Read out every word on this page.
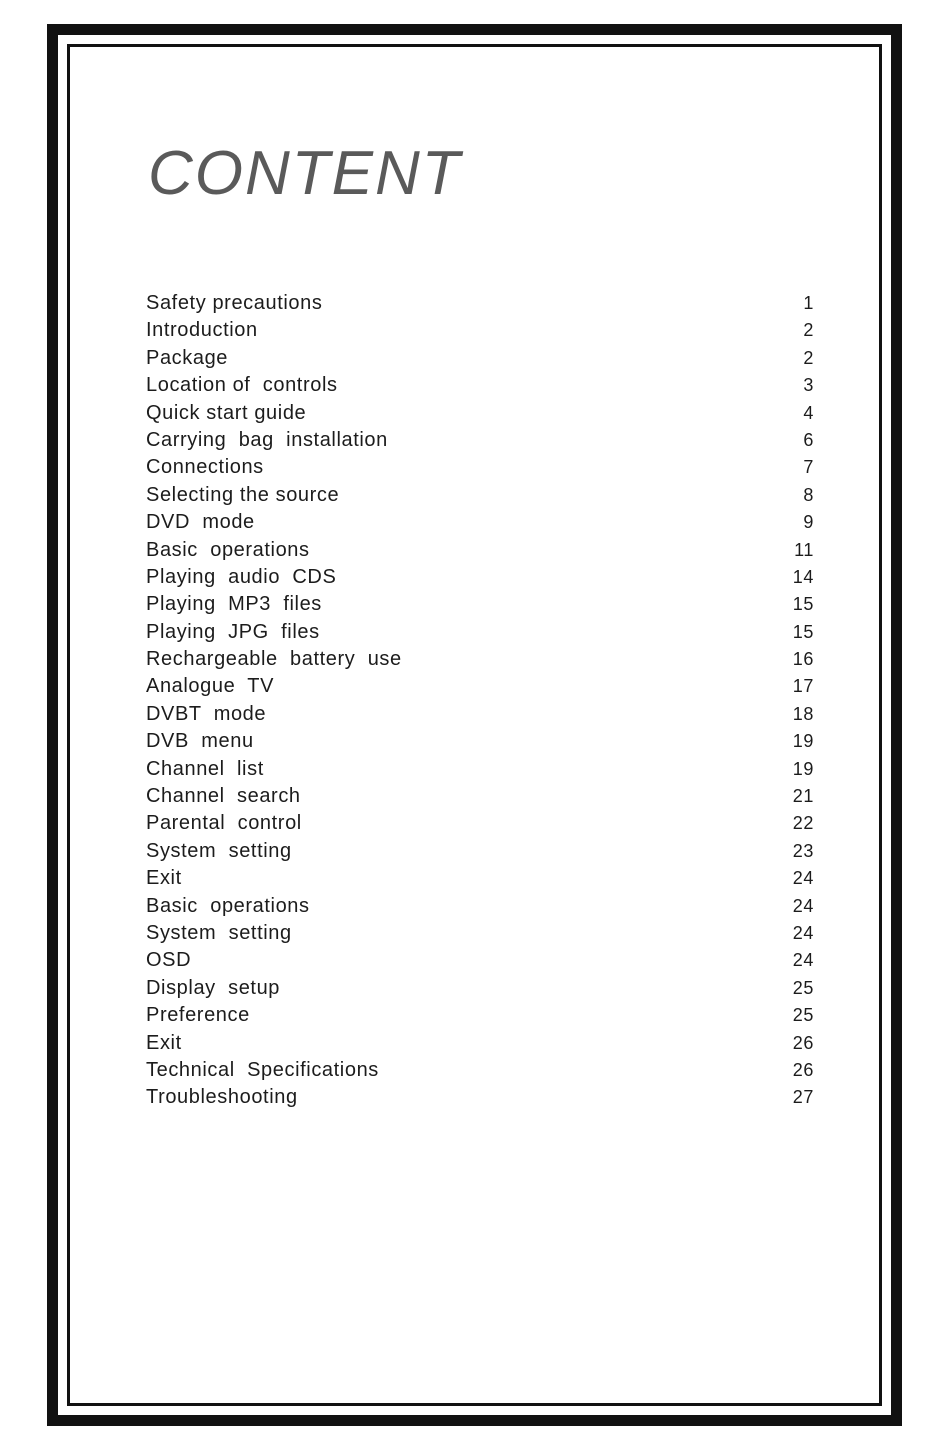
CONTENT
Safety precautions	1
Introduction	2
Package	2
Location of  controls	3
Quick start guide	4
Carrying  bag  installation	6
Connections	7
Selecting the source	8
DVD  mode	9
Basic  operations	11
Playing  audio  CDS	14
Playing  MP3  files	15
Playing  JPG  files	15
Rechargeable  battery  use	16
Analogue  TV	17
DVBT  mode	18
DVB  menu	19
Channel  list	19
Channel  search	21
Parental  control	22
System  setting	23
Exit	24
Basic  operations	24
System  setting	24
OSD	24
Display  setup	25
Preference	25
Exit	26
Technical  Specifications	26
Troubleshooting	27
